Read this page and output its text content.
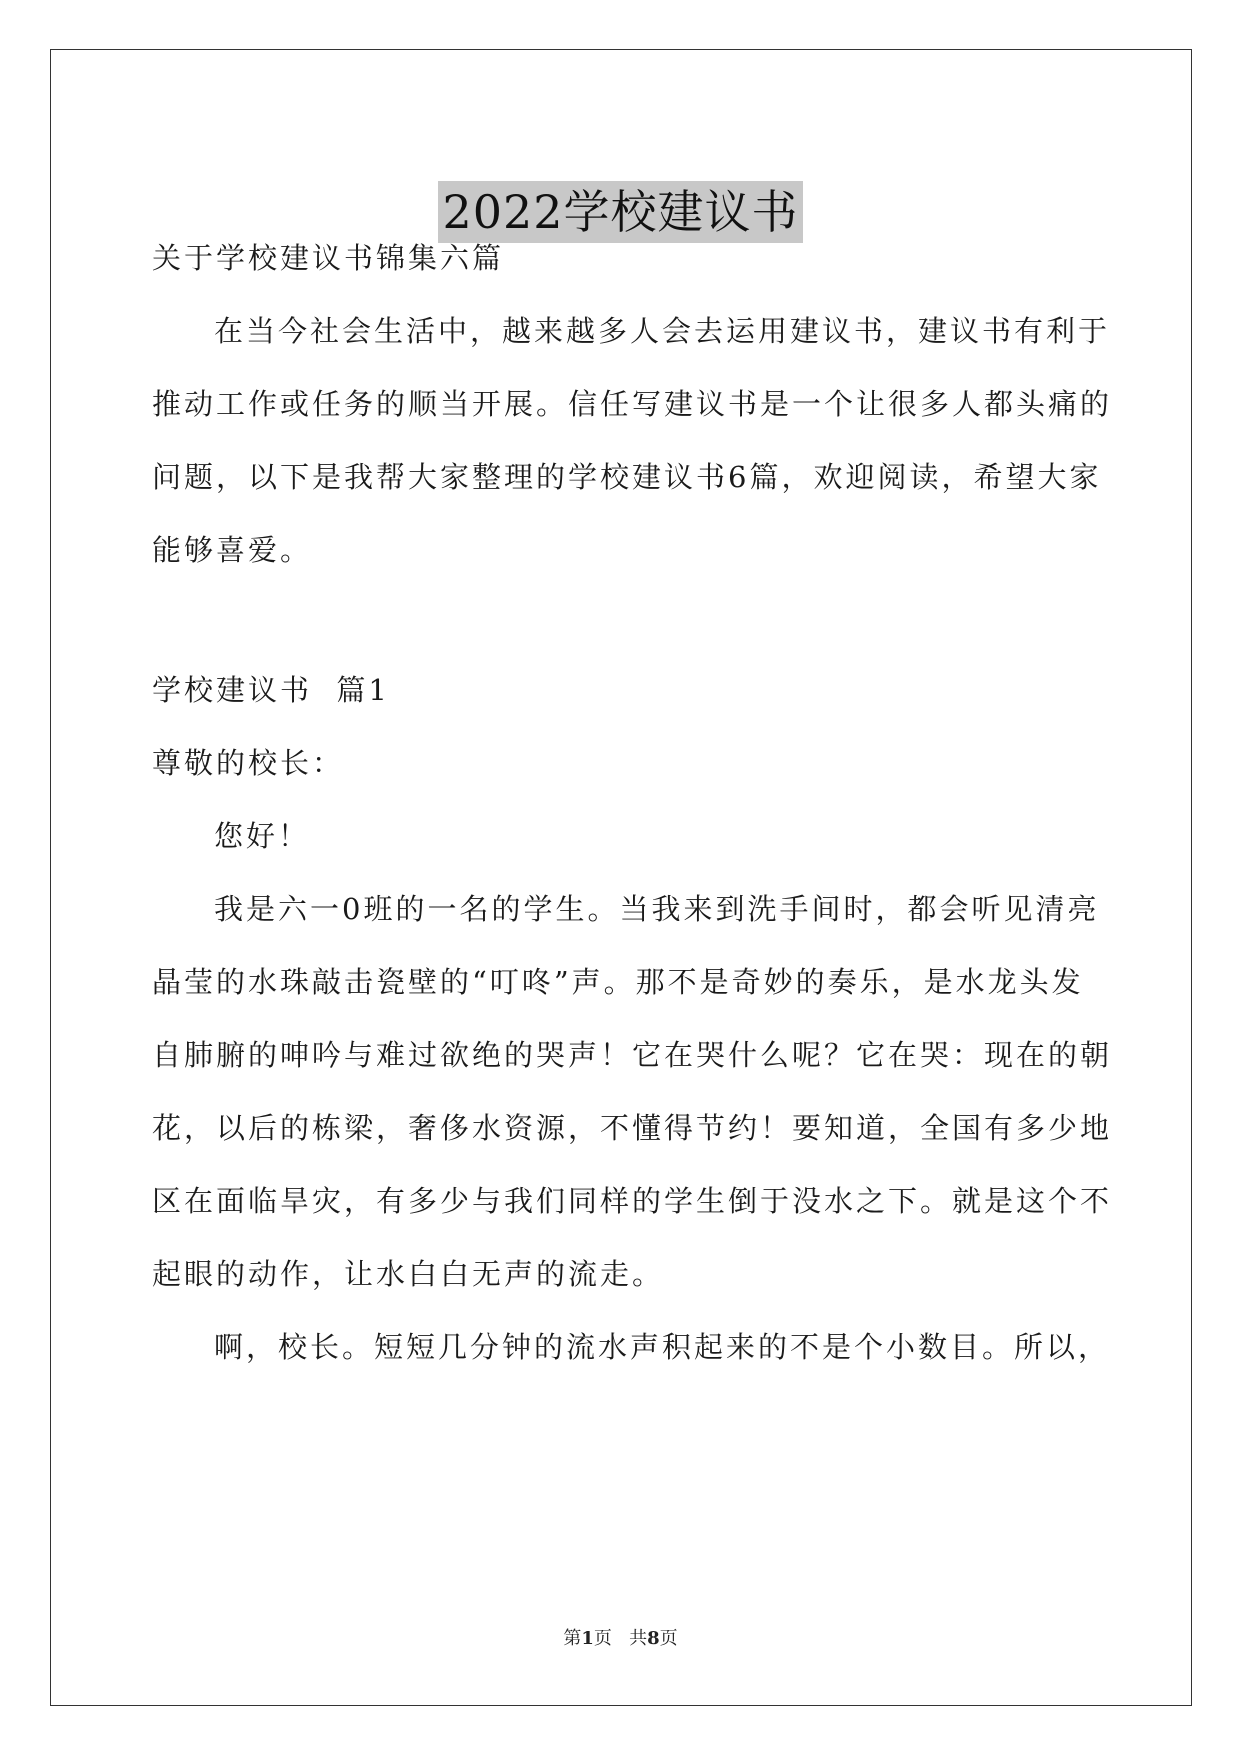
2022学校建议书
关于学校建议书锦集六篇
在当今社会生活中，越来越多人会去运用建议书，建议书有利于
推动工作或任务的顺当开展。信任写建议书是一个让很多人都头痛的
问题，以下是我帮大家整理的学校建议书6篇，欢迎阅读，希望大家
能够喜爱。
学校建议书  篇1
尊敬的校长：
您好！
我是六一0班的一名的学生。当我来到洗手间时，都会听见清亮
晶莹的水珠敲击瓷壁的“叮咚”声。那不是奇妙的奏乐，是水龙头发
自肺腑的呻吟与难过欲绝的哭声！它在哭什么呢？它在哭：现在的朝
花，以后的栋梁，奢侈水资源，不懂得节约！要知道，全国有多少地
区在面临旱灾，有多少与我们同样的学生倒于没水之下。就是这个不
起眼的动作，让水白白无声的流走。
啊，校长。短短几分钟的流水声积起来的不是个小数目。所以，
第1页   共8页
